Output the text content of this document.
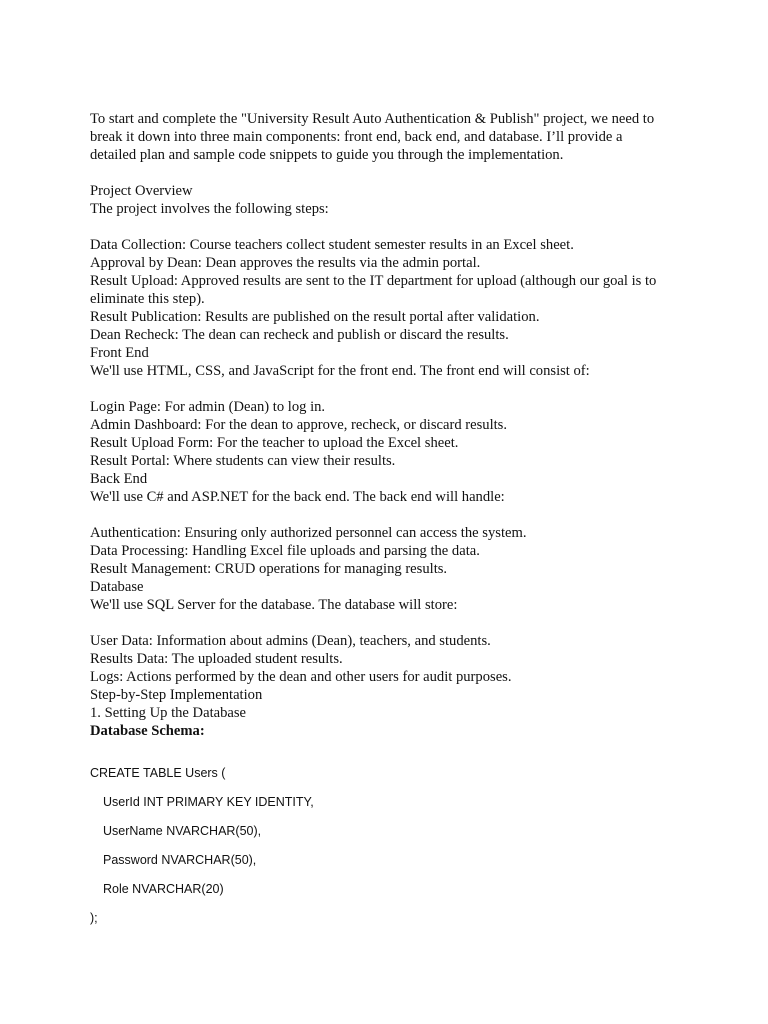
To start and complete the "University Result Auto Authentication & Publish" project, we need to
break it down into three main components: front end, back end, and database. I’ll provide a
detailed plan and sample code snippets to guide you through the implementation.
Project Overview
The project involves the following steps:
Data Collection: Course teachers collect student semester results in an Excel sheet.
Approval by Dean: Dean approves the results via the admin portal.
Result Upload: Approved results are sent to the IT department for upload (although our goal is to
eliminate this step).
Result Publication: Results are published on the result portal after validation.
Dean Recheck: The dean can recheck and publish or discard the results.
Front End
We'll use HTML, CSS, and JavaScript for the front end. The front end will consist of:
Login Page: For admin (Dean) to log in.
Admin Dashboard: For the dean to approve, recheck, or discard results.
Result Upload Form: For the teacher to upload the Excel sheet.
Result Portal: Where students can view their results.
Back End
We'll use C# and ASP.NET for the back end. The back end will handle:
Authentication: Ensuring only authorized personnel can access the system.
Data Processing: Handling Excel file uploads and parsing the data.
Result Management: CRUD operations for managing results.
Database
We'll use SQL Server for the database. The database will store:
User Data: Information about admins (Dean), teachers, and students.
Results Data: The uploaded student results.
Logs: Actions performed by the dean and other users for audit purposes.
Step-by-Step Implementation
1. Setting Up the Database
Database Schema:
CREATE TABLE Users (
UserId INT PRIMARY KEY IDENTITY,
UserName NVARCHAR(50),
Password NVARCHAR(50),
Role NVARCHAR(20)
);
